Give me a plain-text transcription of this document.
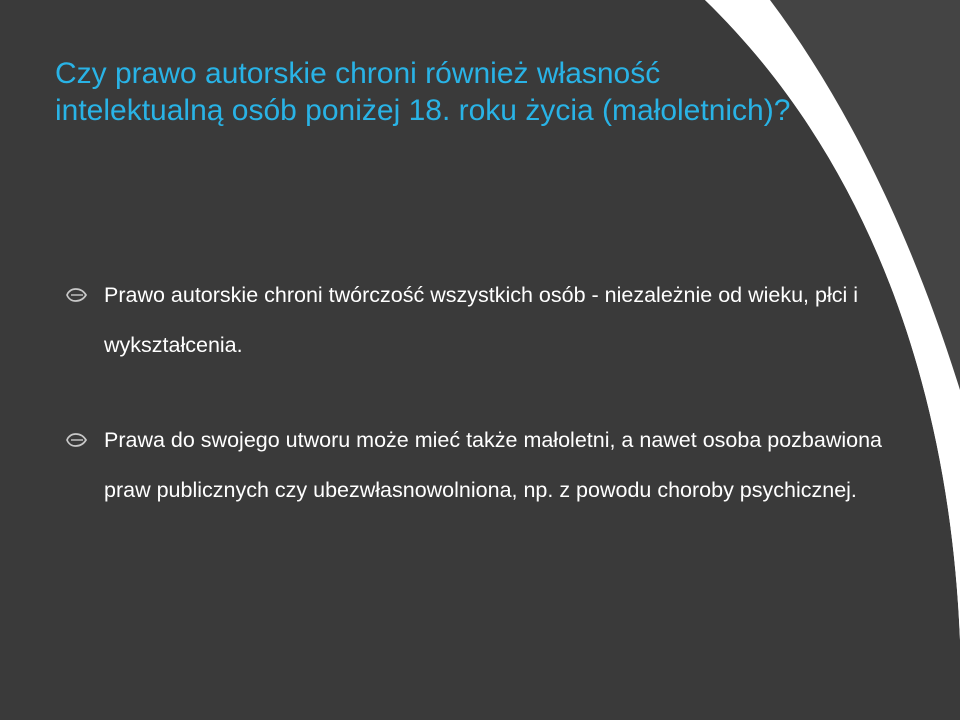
Czy prawo autorskie chroni również własność intelektualną osób poniżej 18. roku życia (małoletnich)?
Prawo autorskie chroni twórczość wszystkich osób - niezależnie od wieku, płci i wykształcenia.
Prawa do swojego utworu może mieć także małoletni, a nawet osoba pozbawiona praw publicznych czy ubezwłasnowolniona, np. z powodu choroby psychicznej.
